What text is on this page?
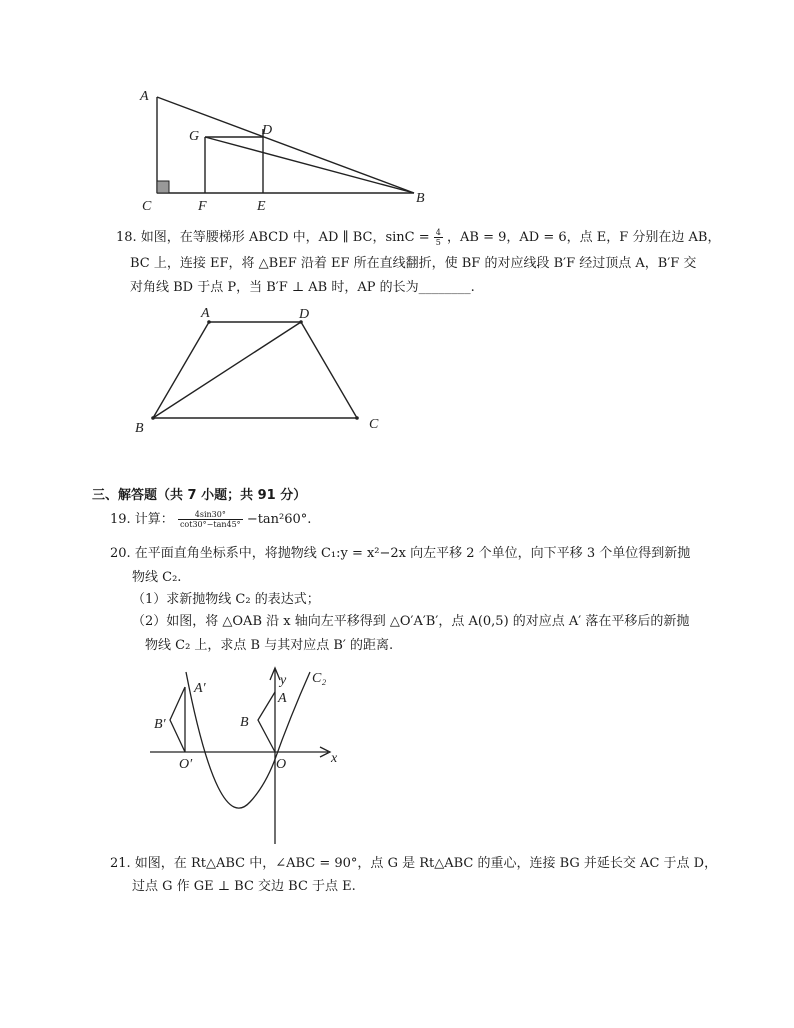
A
C	F	E
B
G	D
18. 如图，在等腰梯形 ABCD 中，AD ∥ BC，$\sin C = \frac{4}{5}$ ，AB = 9，AD = 6，点 E，F 分别在边 AB，
BC 上，连接 EF，将 △BEF 沿着 EF 所在直线翻折，使 BF 的对应线段 B′F 经过顶点 A，B′F 交
对角线 BD 于点 P，当 B′F ⊥ AB 时，AP 的长为________.
A	D
B	C
三、解答题（共 7 小题；共 91 分）
19. 计算： $\frac{4\sin 30^\circ}{\cot 30^\circ-\tan 45^\circ} -\tan^260^\circ$.
20. 在平面直角坐标系中，将抛物线 C₁:y = x²−2x 向左平移 2 个单位，向下平移 3 个单位得到新抛
物线 C₂.
（1）求新抛物线 C₂ 的表达式；
（2）如图，将 △OAB 沿 x 轴向左平移得到 △O′A′B′，点 A(0,5) 的对应点 A′ 落在平移后的新抛
物线 C₂ 上，求点 B 与其对应点 B′ 的距离.
A′
B′
O′
B
A
O	x
y C₂
21. 如图，在 Rt△ABC 中，∠ABC = 90°，点 G 是 Rt△ABC 的重心，连接 BG 并延长交 AC 于点 D，
过点 G 作 GE ⊥ BC 交边 BC 于点 E.
